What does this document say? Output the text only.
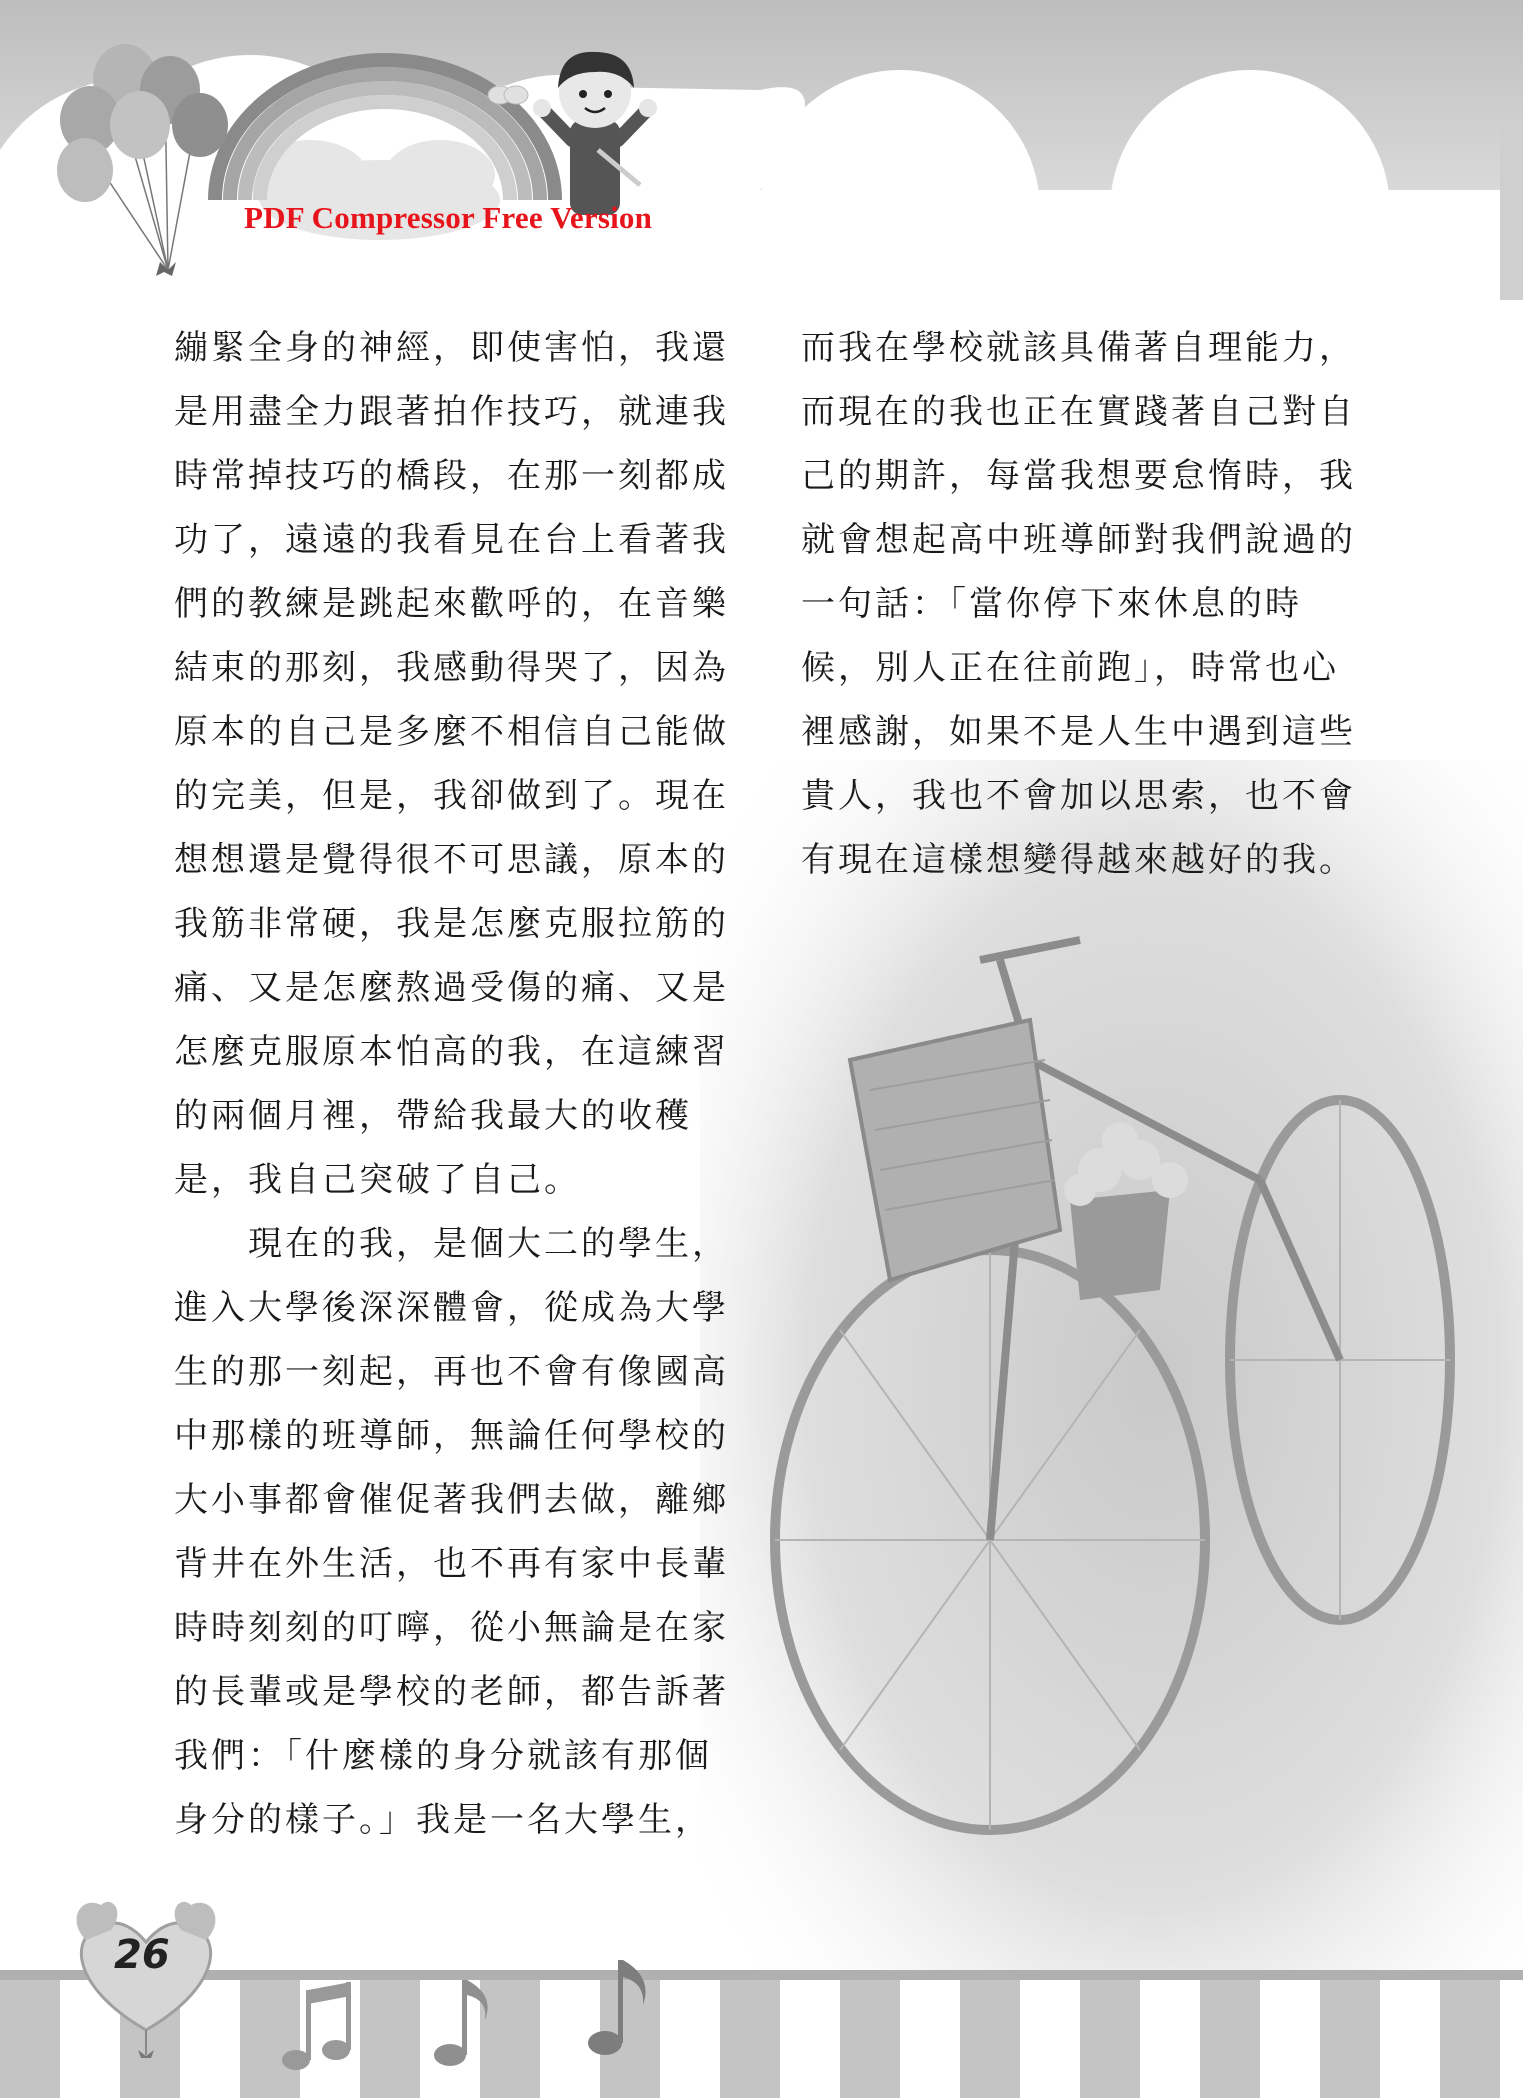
PDF Compressor Free Version

繃緊全身的神經，即使害怕，我還

是用盡全力跟著拍作技巧，就連我

時常掉技巧的橋段，在那一刻都成

功了，遠遠的我看見在台上看著我

們的教練是跳起來歡呼的，在音樂

結束的那刻，我感動得哭了，因為

原本的自己是多麼不相信自己能做

的完美，但是，我卻做到了。現在

想想還是覺得很不可思議，原本的

我筋非常硬，我是怎麼克服拉筋的

痛、又是怎麼熬過受傷的痛、又是

怎麼克服原本怕高的我，在這練習

的兩個月裡，帶給我最大的收穫

是，我自己突破了自己。

　　現在的我，是個大二的學生，

進入大學後深深體會，從成為大學

生的那一刻起，再也不會有像國高

中那樣的班導師，無論任何學校的

大小事都會催促著我們去做，離鄉

背井在外生活，也不再有家中長輩

時時刻刻的叮嚀，從小無論是在家

的長輩或是學校的老師，都告訴著

我們：「什麼樣的身分就該有那個

身分的樣子。」我是一名大學生，

而我在學校就該具備著自理能力，

而現在的我也正在實踐著自己對自

己的期許，每當我想要怠惰時，我

就會想起高中班導師對我們說過的

一句話：「當你停下來休息的時

候，別人正在往前跑」，時常也心

裡感謝，如果不是人生中遇到這些

貴人，我也不會加以思索，也不會

有現在這樣想變得越來越好的我。

26
